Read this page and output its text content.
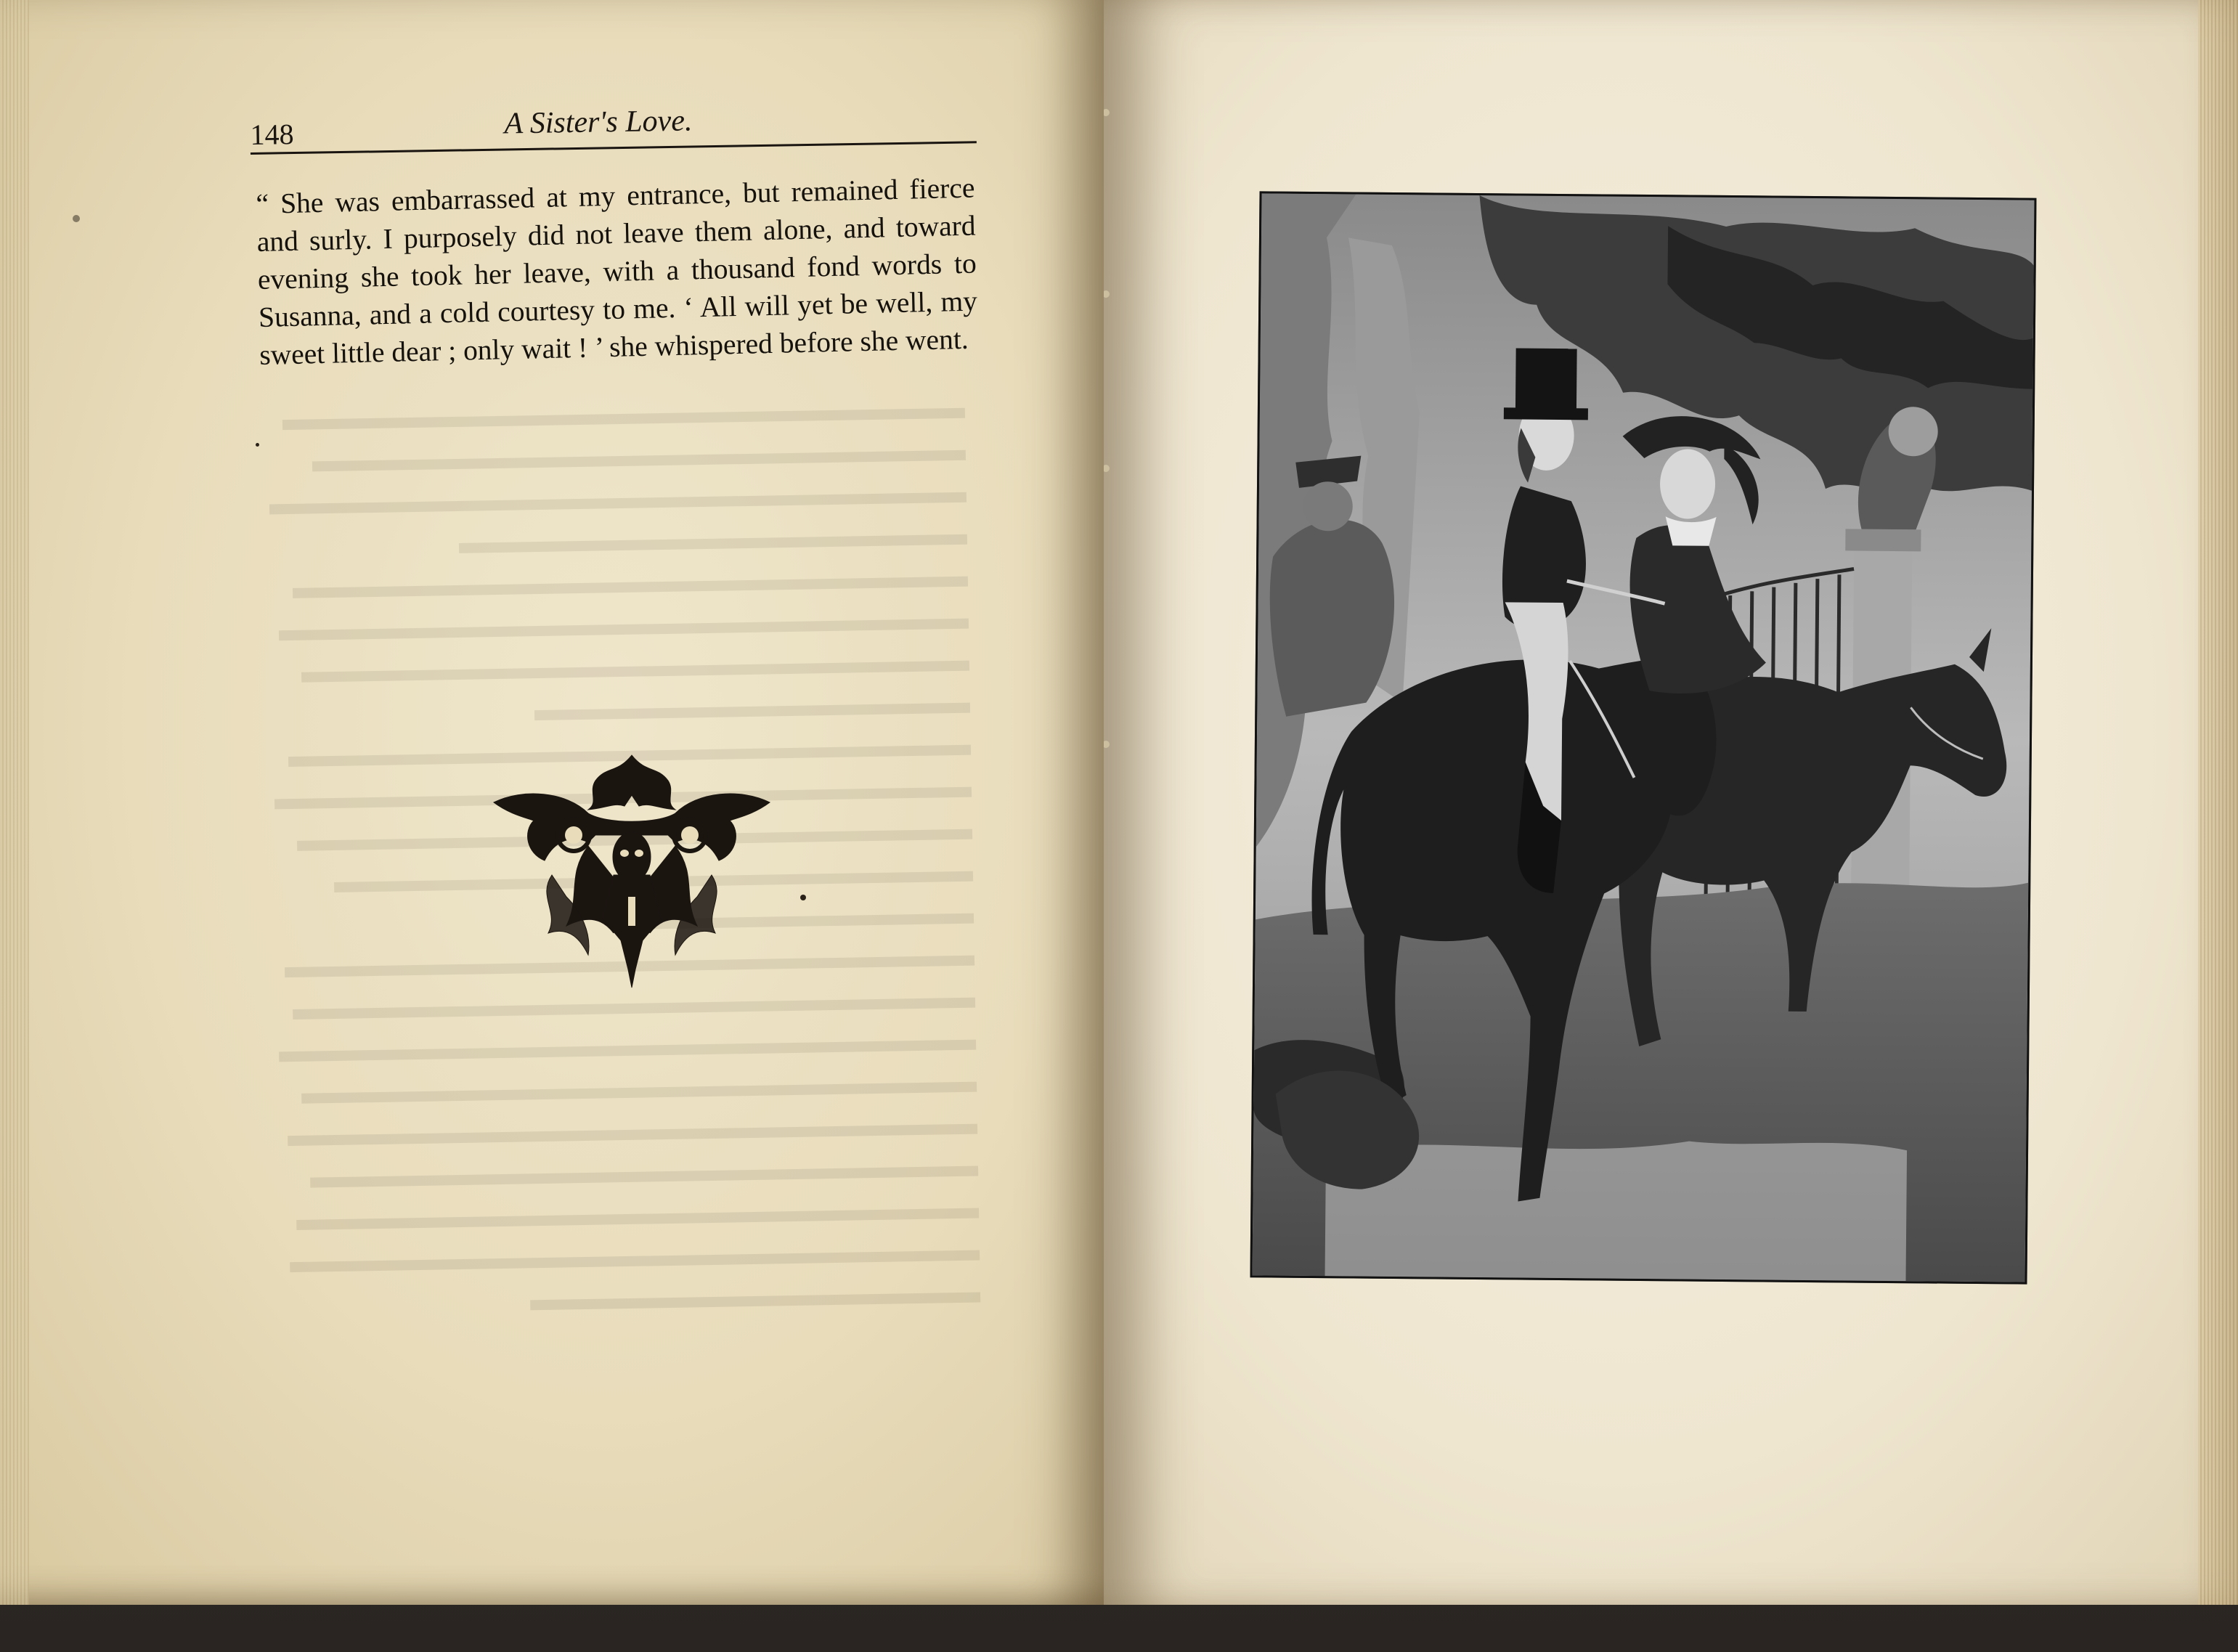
148	A Sister's Love.

“ She was embarrassed at my entrance, but remained fierce and surly. I purposely did not leave them alone, and toward evening she took her leave, with a thousand fond words to Susanna, and a cold courtesy to me. ‘ All will yet be well, my sweet little dear ; only wait ! ’ she whispered before she went.
